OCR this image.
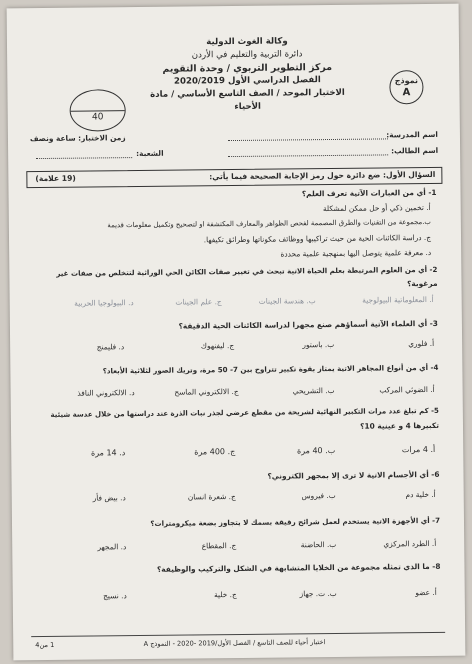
وكالة الغوث الدولية
دائرة التربية والتعليم في الأردن
مركز التطوير التربوي / وحدة التقويم
الفصل الدراسي الأول 2020/2019
الاختبار الموحد / الصف التاسع الأساسي / مادة الأحياء
نموذج
A
40
اسم المدرسة:
اسم الطالب:
زمن الاختبار: ساعة ونصف
الشعبة:
السؤال الأول: ضع دائرة حول رمز الإجابة الصحيحة فيما يأتي:
(19 علامة)
1- أي من العبارات الآتية تعرف العلم؟
أ. تخمين ذكي أو حل ممكن لمشكلة
ب.مجموعة من التقنيات والطرق المصممة لفحص الظواهر والمعارف المكتشفة او لتصحيح وتكميل معلومات قديمة
ج. دراسة الكائنات الحية من حيث تراكيبها ووظائف مكوناتها وطرائق تكيفها.
د. معرفة علمية يتوصل اليها بمنهجية علمية محددة
2- أي من العلوم المرتبطة بعلم الحياة الاتية تبحث في تغيير صفات الكائن الحي الوراثية لتتخلص من صفات غير
مرغوبة؟
أ. المعلوماتية البيولوجية
ب. هندسة الجينات
ج. علم الجينات
د. البيولوجيا الحربية
3- أي العلماء الآتية أسماؤهم صنع مجهرا لدراسة الكائنات الحية الدقيقة؟
أ. فلوري
ب. باستور
ج. ليفنهوك
د. فليمنج
4- أي من أنواع المجاهر الاتية يمتاز بقوة تكبير تتراوح بين 7- 50 مرة، وتريك الصور لثلاثية الأبعاد؟
أ. الضوئي المركب
ب. التشريحي
ج. الالكتروني الماسح
د. الالكتروني النافذ
5- كم تبلغ عدد مرات التكبير النهائية لشريحة من مقطع عرضي لجذر نبات الذرة عند دراستها من خلال عدسة شيئية
تكبيرها 4 و عينية 10؟
أ. 4 مرات
ب. 40 مرة
ج. 400 مرة
د. 14 مرة
6- أي الأجسام الاتية لا ترى إلا بمجهر الكتروني؟
أ. خلية دم
ب. فيروس
ج. شعرة انسان
د. بيض فأر
7- أي الأجهزة الاتية يستخدم لعمل شرائح رقيقة بسمك لا يتجاوز بضعة ميكرومترات؟
أ. الطرد المركزي
ب. الحاضنة
ج. المقطاع
د. المجهر
8- ما الذي تمثله مجموعة من الخلايا المتشابهة في الشكل والتركيب والوظيفة؟
أ. عضو
ب. ت. جهاز
ج. خلية
د. نسيج
اختبار أحياء للصف التاسع / الفصل الأول/2019 -2020 - النموذج A
1 من4
